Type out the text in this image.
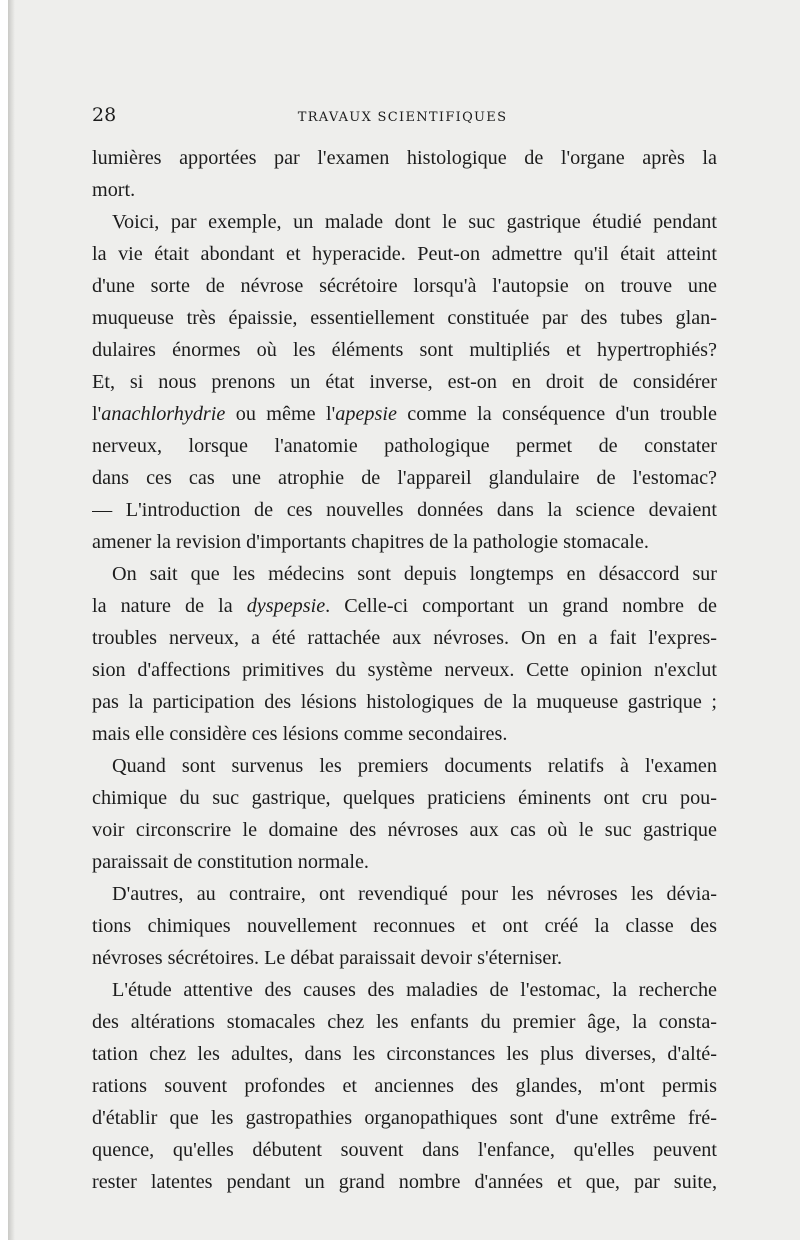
28	TRAVAUX SCIENTIFIQUES
lumières apportées par l'examen histologique de l'organe après la
mort.
Voici, par exemple, un malade dont le suc gastrique étudié pendant
la vie était abondant et hyperacide. Peut-on admettre qu'il était atteint
d'une sorte de névrose sécrétoire lorsqu'à l'autopsie on trouve une
muqueuse très épaissie, essentiellement constituée par des tubes glan-
dulaires énormes où les éléments sont multipliés et hypertrophiés?
Et, si nous prenons un état inverse, est-on en droit de considérer
l'anachlorhydrie ou même l'apepsie comme la conséquence d'un trouble
nerveux, lorsque l'anatomie pathologique permet de constater
dans ces cas une atrophie de l'appareil glandulaire de l'estomac?
— L'introduction de ces nouvelles données dans la science devaient
amener la revision d'importants chapitres de la pathologie stomacale.
On sait que les médecins sont depuis longtemps en désaccord sur
la nature de la dyspepsie. Celle-ci comportant un grand nombre de
troubles nerveux, a été rattachée aux névroses. On en a fait l'expres-
sion d'affections primitives du système nerveux. Cette opinion n'exclut
pas la participation des lésions histologiques de la muqueuse gastrique ;
mais elle considère ces lésions comme secondaires.
Quand sont survenus les premiers documents relatifs à l'examen
chimique du suc gastrique, quelques praticiens éminents ont cru pou-
voir circonscrire le domaine des névroses aux cas où le suc gastrique
paraissait de constitution normale.
D'autres, au contraire, ont revendiqué pour les névroses les dévia-
tions chimiques nouvellement reconnues et ont créé la classe des
névroses sécrétoires. Le débat paraissait devoir s'éterniser.
L'étude attentive des causes des maladies de l'estomac, la recherche
des altérations stomacales chez les enfants du premier âge, la consta-
tation chez les adultes, dans les circonstances les plus diverses, d'alté-
rations souvent profondes et anciennes des glandes, m'ont permis
d'établir que les gastropathies organopathiques sont d'une extrême fré-
quence, qu'elles débutent souvent dans l'enfance, qu'elles peuvent
rester latentes pendant un grand nombre d'années et que, par suite,
